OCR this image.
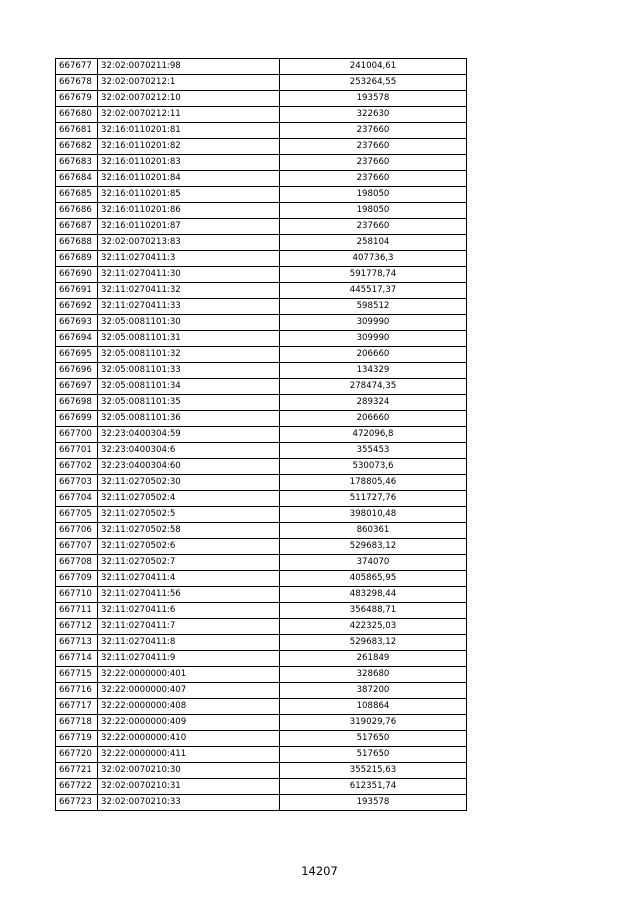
667677	32:02:0070211:98	241004,61
667678	32:02:0070212:1	253264,55
667679	32:02:0070212:10	193578
667680	32:02:0070212:11	322630
667681	32:16:0110201:81	237660
667682	32:16:0110201:82	237660
667683	32:16:0110201:83	237660
667684	32:16:0110201:84	237660
667685	32:16:0110201:85	198050
667686	32:16:0110201:86	198050
667687	32:16:0110201:87	237660
667688	32:02:0070213:83	258104
667689	32:11:0270411:3	407736,3
667690	32:11:0270411:30	591778,74
667691	32:11:0270411:32	445517,37
667692	32:11:0270411:33	598512
667693	32:05:0081101:30	309990
667694	32:05:0081101:31	309990
667695	32:05:0081101:32	206660
667696	32:05:0081101:33	134329
667697	32:05:0081101:34	278474,35
667698	32:05:0081101:35	289324
667699	32:05:0081101:36	206660
667700	32:23:0400304:59	472096,8
667701	32:23:0400304:6	355453
667702	32:23:0400304:60	530073,6
667703	32:11:0270502:30	178805,46
667704	32:11:0270502:4	511727,76
667705	32:11:0270502:5	398010,48
667706	32:11:0270502:58	860361
667707	32:11:0270502:6	529683,12
667708	32:11:0270502:7	374070
667709	32:11:0270411:4	405865,95
667710	32:11:0270411:56	483298,44
667711	32:11:0270411:6	356488,71
667712	32:11:0270411:7	422325,03
667713	32:11:0270411:8	529683,12
667714	32:11:0270411:9	261849
667715	32:22:0000000:401	328680
667716	32:22:0000000:407	387200
667717	32:22:0000000:408	108864
667718	32:22:0000000:409	319029,76
667719	32:22:0000000:410	517650
667720	32:22:0000000:411	517650
667721	32:02:0070210:30	355215,63
667722	32:02:0070210:31	612351,74
667723	32:02:0070210:33	193578
14207
